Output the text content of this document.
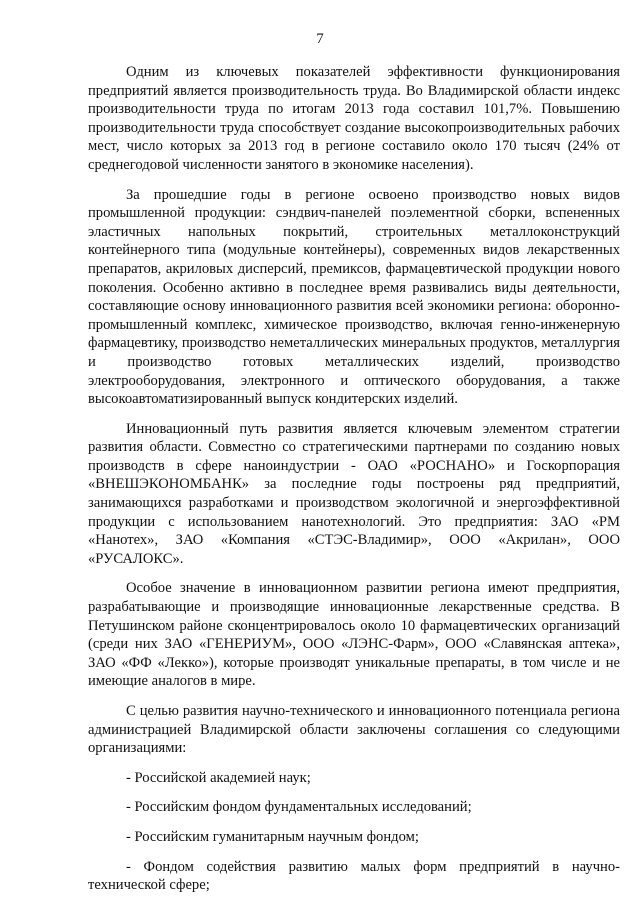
7

Одним из ключевых показателей эффективности функционирования предприятий является производительность труда. Во Владимирской области индекс производительности труда по итогам 2013 года составил 101,7%. Повышению производительности труда способствует создание высокопроизводительных рабочих мест, число которых за 2013 год в регионе составило около 170 тысяч (24% от среднегодовой численности занятого в экономике населения).

За прошедшие годы в регионе освоено производство новых видов промышленной продукции: сэндвич-панелей поэлементной сборки, вспененных эластичных напольных покрытий, строительных металлоконструкций контейнерного типа (модульные контейнеры), современных видов лекарственных препаратов, акриловых дисперсий, премиксов, фармацевтической продукции нового поколения. Особенно активно в последнее время развивались виды деятельности, составляющие основу инновационного развития всей экономики региона: оборонно-промышленный комплекс, химическое производство, включая генно-инженерную фармацевтику, производство неметаллических минеральных продуктов, металлургия и производство готовых металлических изделий, производство электрооборудования, электронного и оптического оборудования, а также высокоавтоматизированный выпуск кондитерских изделий.

Инновационный путь развития является ключевым элементом стратегии развития области. Совместно со стратегическими партнерами по созданию новых производств в сфере наноиндустрии - ОАО «РОСНАНО» и Госкорпорация «ВНЕШЭКОНОМБАНК» за последние годы построены ряд предприятий, занимающихся разработками и производством экологичной и энергоэффективной продукции с использованием нанотехнологий. Это предприятия: ЗАО «РМ «Нанотех», ЗАО «Компания «СТЭС-Владимир», ООО «Акрилан», ООО «РУСАЛОКС».

Особое значение в инновационном развитии региона имеют предприятия, разрабатывающие и производящие инновационные лекарственные средства. В Петушинском районе сконцентрировалось около 10 фармацевтических организаций (среди них ЗАО «ГЕНЕРИУМ», ООО «ЛЭНС-Фарм», ООО «Славянская аптека», ЗАО «ФФ «Лекко»), которые производят уникальные препараты, в том числе и не имеющие аналогов в мире.

С целью развития научно-технического и инновационного потенциала региона администрацией Владимирской области заключены соглашения со следующими организациями:

- Российской академией наук;

- Российским фондом фундаментальных исследований;

- Российским гуманитарным научным фондом;

- Фондом содействия развитию малых форм предприятий в научно-технической сфере;
